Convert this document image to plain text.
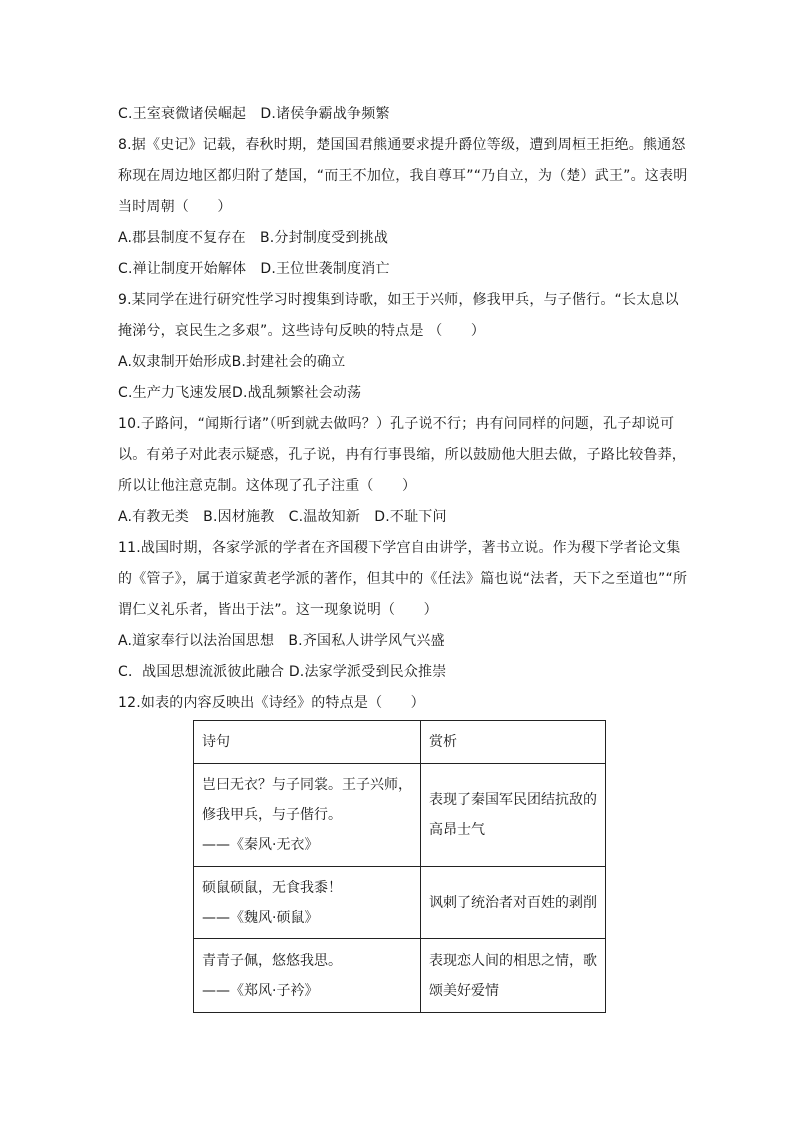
C.王室衰微诸侯崛起　D.诸侯争霸战争频繁
8.据《史记》记载，春秋时期，楚国国君熊通要求提升爵位等级，遭到周桓王拒绝。熊通怒
称现在周边地区都归附了楚国，“而王不加位，我自尊耳”“乃自立，为（楚）武王”。这表明
当时周朝（　　）
A.郡县制度不复存在　B.分封制度受到挑战
C.禅让制度开始解体　D.王位世袭制度消亡
9.某同学在进行研究性学习时搜集到诗歌，如王于兴师，修我甲兵，与子偕行。“长太息以
掩涕兮，哀民生之多艰”。这些诗句反映的特点是 （　　）
A.奴隶制开始形成B.封建社会的确立
C.生产力飞速发展D.战乱频繁社会动荡
10.子路问，“闻斯行诸”（听到就去做吗？）孔子说不行；冉有问同样的问题，孔子却说可
以。有弟子对此表示疑惑，孔子说，冉有行事畏缩，所以鼓励他大胆去做，子路比较鲁莽，
所以让他注意克制。这体现了孔子注重（　　）
A.有教无类　B.因材施教　C.温故知新　D.不耻下问
11.战国时期，各家学派的学者在齐国稷下学宫自由讲学，著书立说。作为稷下学者论文集
的《管子》，属于道家黄老学派的著作，但其中的《任法》篇也说“法者，天下之至道也”“所
谓仁义礼乐者，皆出于法”。这一现象说明（　　）
A.道家奉行以法治国思想　B.齐国私人讲学风气兴盛
C．战国思想流派彼此融合 D.法家学派受到民众推崇
12.如表的内容反映出《诗经》的特点是（　　）
诗句	赏析

岂曰无衣？与子同裳。王子兴师，
修我甲兵，与子偕行。
——《秦风·无衣》	表现了秦国军民团结抗敌的
高昂士气

硕鼠硕鼠，无食我黍！
——《魏风·硕鼠》	讽刺了统治者对百姓的剥削

青青子佩，悠悠我思。
——《郑风·子衿》	表现恋人间的相思之情，歌
颂美好爱情
